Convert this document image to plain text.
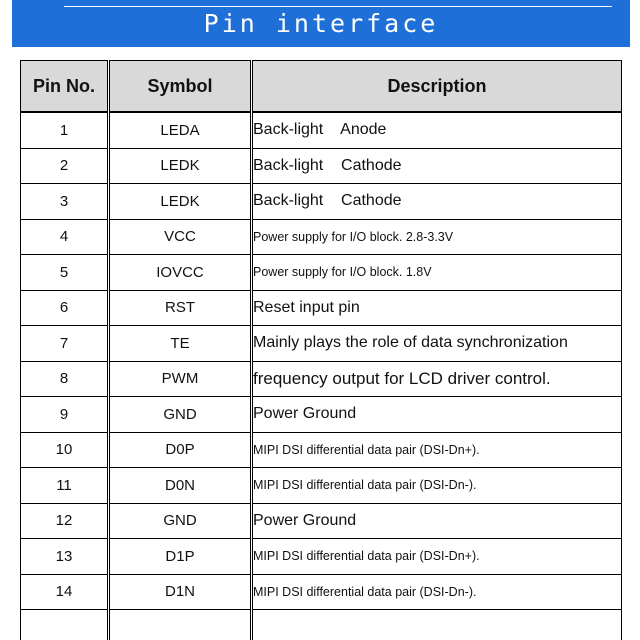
Pin interface
Pin No.	Symbol	Description
1	LEDA	Back-light    Anode
2	LEDK	Back-light    Cathode
3	LEDK	Back-light    Cathode
4	VCC	Power supply for I/O block. 2.8-3.3V
5	IOVCC	Power supply for I/O block. 1.8V
6	RST	Reset input pin
7	TE	Mainly plays the role of data synchronization
8	PWM	frequency output for LCD driver control.
9	GND	Power Ground
10	D0P	MIPI DSI differential data pair (DSI-Dn+).
11	D0N	MIPI DSI differential data pair (DSI-Dn-).
12	GND	Power Ground
13	D1P	MIPI DSI differential data pair (DSI-Dn+).
14	D1N	MIPI DSI differential data pair (DSI-Dn-).
